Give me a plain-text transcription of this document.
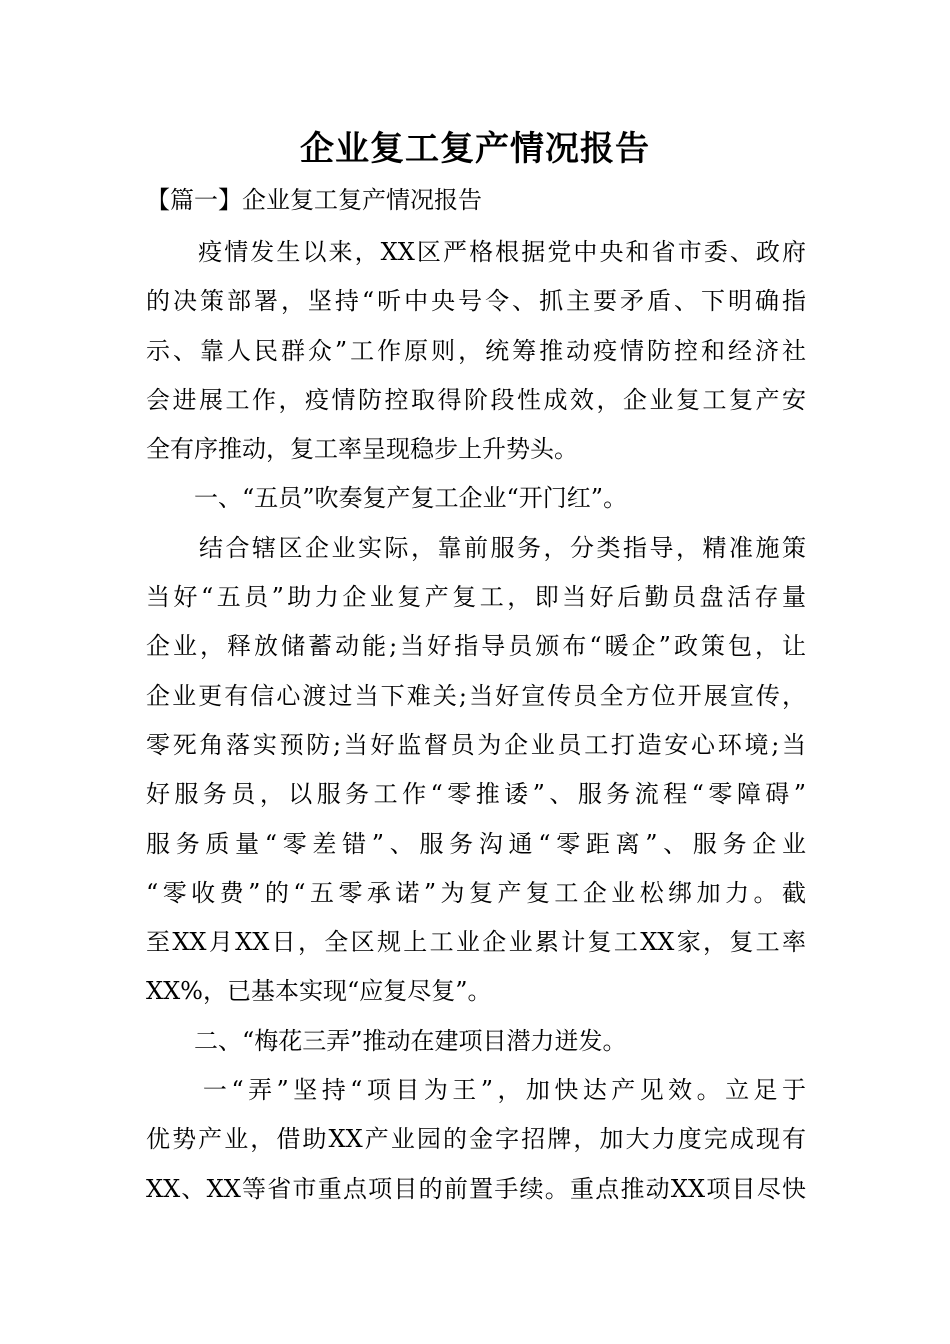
企业复工复产情况报告
【篇一】企业复工复产情况报告
　　疫情发生以来，XX区严格根据党中央和省市委、政府
的决策部署，坚持“听中央号令、抓主要矛盾、下明确指
示、靠人民群众”工作原则，统筹推动疫情防控和经济社
会进展工作，疫情防控取得阶段性成效，企业复工复产安
全有序推动，复工率呈现稳步上升势头。
　　一、“五员”吹奏复产复工企业“开门红”。
　　结合辖区企业实际，靠前服务，分类指导，精准施策
当好“五员”助力企业复产复工，即当好后勤员盘活存量
企业，释放储蓄动能;当好指导员颁布“暖企”政策包，让
企业更有信心渡过当下难关;当好宣传员全方位开展宣传，
零死角落实预防;当好监督员为企业员工打造安心环境;当
好服务员，以服务工作“零推诿”、服务流程“零障碍”
服务质量“零差错”、服务沟通“零距离”、服务企业
“零收费”的“五零承诺”为复产复工企业松绑加力。截
至XX月XX日，全区规上工业企业累计复工XX家，复工率
XX%，已基本实现“应复尽复”。
　　二、“梅花三弄”推动在建项目潜力迸发。
　　一“弄”坚持“项目为王”，加快达产见效。立足于
优势产业，借助XX产业园的金字招牌，加大力度完成现有
XX、XX等省市重点项目的前置手续。重点推动XX项目尽快
